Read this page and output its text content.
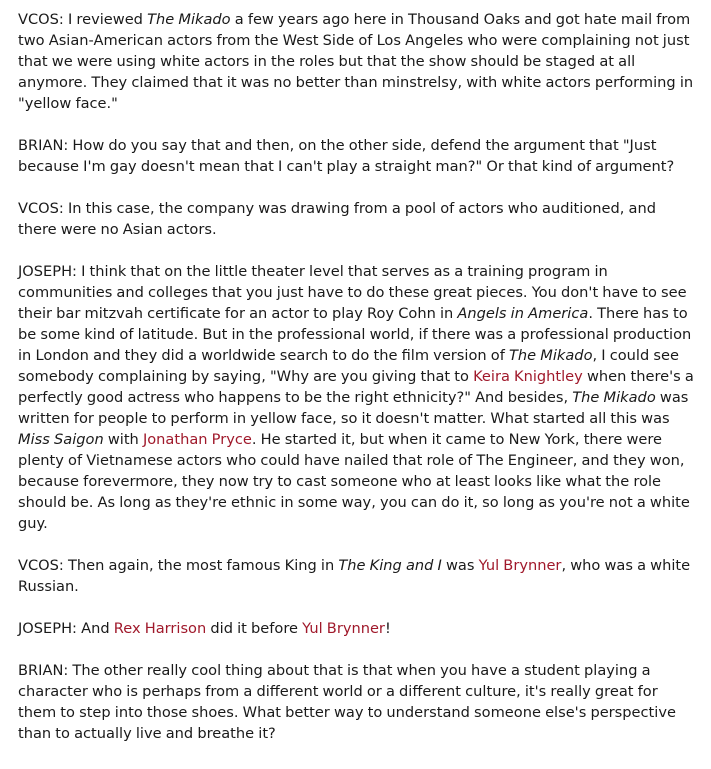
VCOS: I reviewed The Mikado a few years ago here in Thousand Oaks and got hate mail from two Asian-American actors from the West Side of Los Angeles who were complaining not just that we were using white actors in the roles but that the show should be staged at all anymore. They claimed that it was no better than minstrelsy, with white actors performing in "yellow face."

BRIAN: How do you say that and then, on the other side, defend the argument that "Just because I'm gay doesn't mean that I can't play a straight man?" Or that kind of argument?

VCOS: In this case, the company was drawing from a pool of actors who auditioned, and there were no Asian actors.

JOSEPH: I think that on the little theater level that serves as a training program in communities and colleges that you just have to do these great pieces. You don't have to see their bar mitzvah certificate for an actor to play Roy Cohn in Angels in America. There has to be some kind of latitude. But in the professional world, if there was a professional production in London and they did a worldwide search to do the film version of The Mikado, I could see somebody complaining by saying, "Why are you giving that to Keira Knightley when there's a perfectly good actress who happens to be the right ethnicity?" And besides, The Mikado was written for people to perform in yellow face, so it doesn't matter. What started all this was Miss Saigon with Jonathan Pryce. He started it, but when it came to New York, there were plenty of Vietnamese actors who could have nailed that role of The Engineer, and they won, because forevermore, they now try to cast someone who at least looks like what the role should be. As long as they're ethnic in some way, you can do it, so long as you're not a white guy.

VCOS: Then again, the most famous King in The King and I was Yul Brynner, who was a white Russian.

JOSEPH: And Rex Harrison did it before Yul Brynner!

BRIAN: The other really cool thing about that is that when you have a student playing a character who is perhaps from a different world or a different culture, it's really great for them to step into those shoes. What better way to understand someone else's perspective than to actually live and breathe it?
